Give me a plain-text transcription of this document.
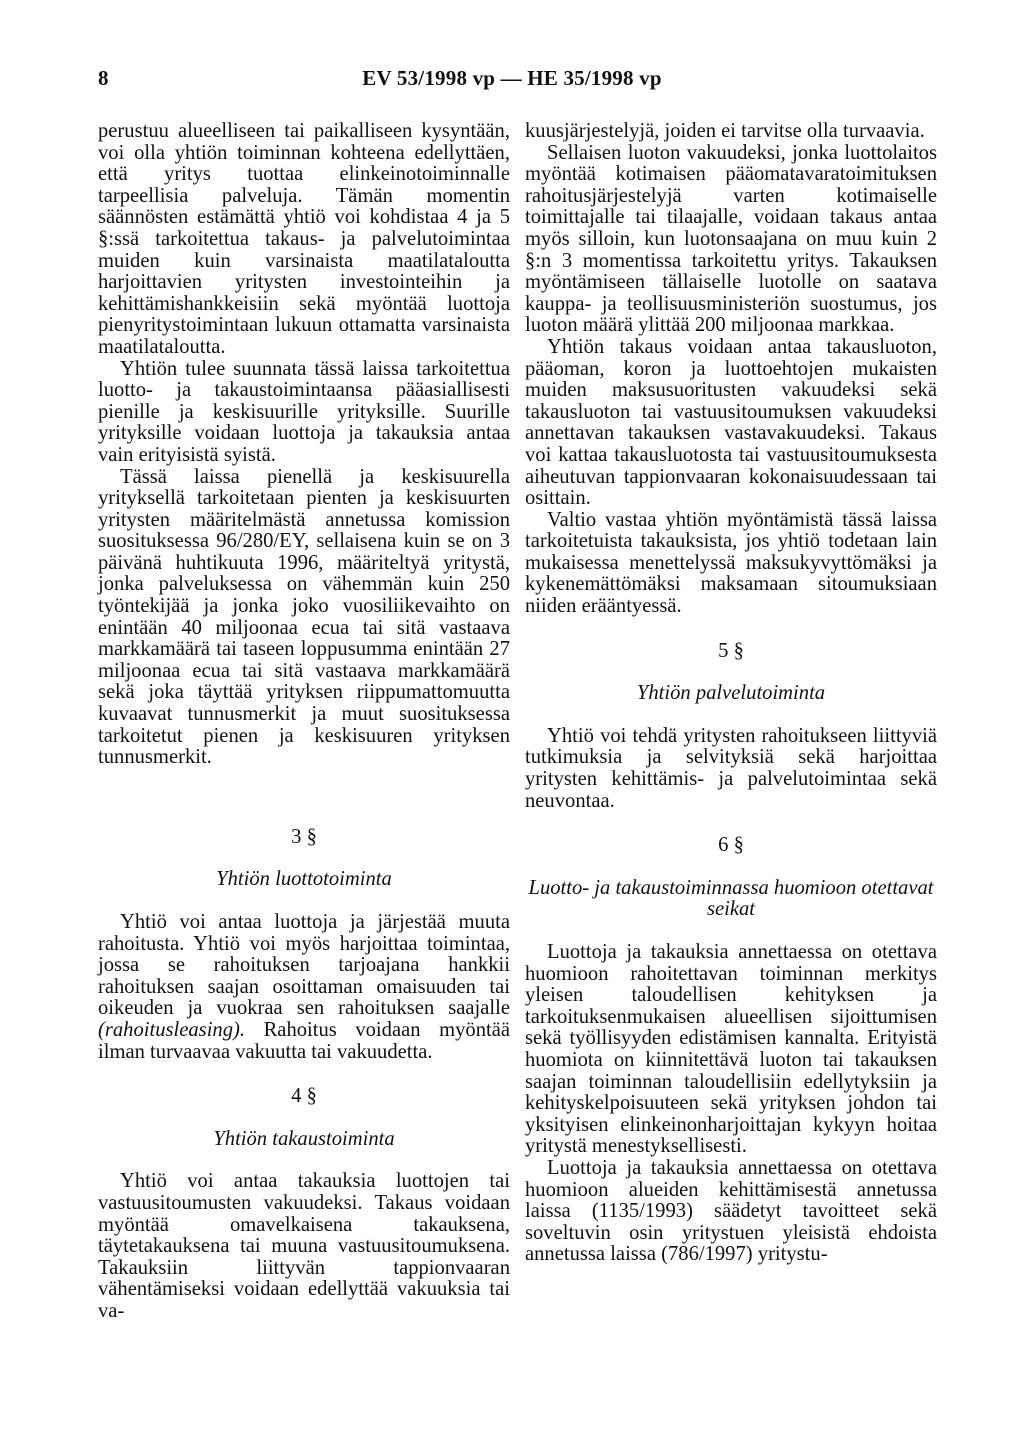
8	EV 53/1998 vp — HE 35/1998 vp

perustuu alueelliseen tai paikalliseen kysyntään, voi olla yhtiön toiminnan kohteena edellyttäen, että yritys tuottaa elinkeinotoiminnalle tarpeellisia palveluja. Tämän momentin säännösten estämättä yhtiö voi kohdistaa 4 ja 5 §:ssä tarkoitettua takaus- ja palvelutoimintaa muiden kuin varsinaista maatilataloutta harjoittavien yritysten investointeihin ja kehittämishankkeisiin sekä myöntää luottoja pienyritystoimintaan lukuun ottamatta varsinaista maatilataloutta.

Yhtiön tulee suunnata tässä laissa tarkoitettua luotto- ja takaustoimintaansa pääasiallisesti pienille ja keskisuurille yrityksille. Suurille yrityksille voidaan luottoja ja takauksia antaa vain erityisistä syistä.

Tässä laissa pienellä ja keskisuurella yrityksellä tarkoitetaan pienten ja keskisuurten yritysten määritelmästä annetussa komission suosituksessa 96/280/EY, sellaisena kuin se on 3 päivänä huhtikuuta 1996, määriteltyä yritystä, jonka palveluksessa on vähemmän kuin 250 työntekijää ja jonka joko vuosiliikevaihto on enintään 40 miljoonaa ecua tai sitä vastaava markkamäärä tai taseen loppusumma enintään 27 miljoonaa ecua tai sitä vastaava markkamäärä sekä joka täyttää yrityksen riippumattomuutta kuvaavat tunnusmerkit ja muut suosituksessa tarkoitetut pienen ja keskisuuren yrityksen tunnusmerkit.

3 §
Yhtiön luottotoiminta

Yhtiö voi antaa luottoja ja järjestää muuta rahoitusta. Yhtiö voi myös harjoittaa toimintaa, jossa se rahoituksen tarjoajana hankkii rahoituksen saajan osoittaman omaisuuden tai oikeuden ja vuokraa sen rahoituksen saajalle (rahoitusleasing). Rahoitus voidaan myöntää ilman turvaavaa vakuutta tai vakuudetta.

4 §
Yhtiön takaustoiminta

Yhtiö voi antaa takauksia luottojen tai vastuusitoumusten vakuudeksi. Takaus voidaan myöntää omavelkaisena takauksena, täytetakauksena tai muuna vastuusitoumuksena. Takauksiin liittyvän tappionvaaran vähentämiseksi voidaan edellyttää vakuuksia tai va-

kuusjärjestelyjä, joiden ei tarvitse olla turvaavia.

Sellaisen luoton vakuudeksi, jonka luottolaitos myöntää kotimaisen pääomatavaratoimituksen rahoitusjärjestelyjä varten kotimaiselle toimittajalle tai tilaajalle, voidaan takaus antaa myös silloin, kun luotonsaajana on muu kuin 2 §:n 3 momentissa tarkoitettu yritys. Takauksen myöntämiseen tällaiselle luotolle on saatava kauppa- ja teollisuusministeriön suostumus, jos luoton määrä ylittää 200 miljoonaa markkaa.

Yhtiön takaus voidaan antaa takausluoton, pääoman, koron ja luottoehtojen mukaisten muiden maksusuoritusten vakuudeksi sekä takausluoton tai vastuusitoumuksen vakuudeksi annettavan takauksen vastavakuudeksi. Takaus voi kattaa takausluotosta tai vastuusitoumuksesta aiheutuvan tappionvaaran kokonaisuudessaan tai osittain.

Valtio vastaa yhtiön myöntämistä tässä laissa tarkoitetuista takauksista, jos yhtiö todetaan lain mukaisessa menettelyssä maksukyvyttömäksi ja kykenemättömäksi maksamaan sitoumuksiaan niiden erääntyessä.

5 §
Yhtiön palvelutoiminta

Yhtiö voi tehdä yritysten rahoitukseen liittyviä tutkimuksia ja selvityksiä sekä harjoittaa yritysten kehittämis- ja palvelutoimintaa sekä neuvontaa.

6 §
Luotto- ja takaustoiminnassa huomioon otettavat seikat

Luottoja ja takauksia annettaessa on otettava huomioon rahoitettavan toiminnan merkitys yleisen taloudellisen kehityksen ja tarkoituksenmukaisen alueellisen sijoittumisen sekä työllisyyden edistämisen kannalta. Erityistä huomiota on kiinnitettävä luoton tai takauksen saajan toiminnan taloudellisiin edellytyksiin ja kehityskelpoisuuteen sekä yrityksen johdon tai yksityisen elinkeinonharjoittajan kykyyn hoitaa yritystä menestyksellisesti.

Luottoja ja takauksia annettaessa on otettava huomioon alueiden kehittämisestä annetussa laissa (1135/1993) säädetyt tavoitteet sekä soveltuvin osin yritystuen yleisistä ehdoista annetussa laissa (786/1997) yritystu-
